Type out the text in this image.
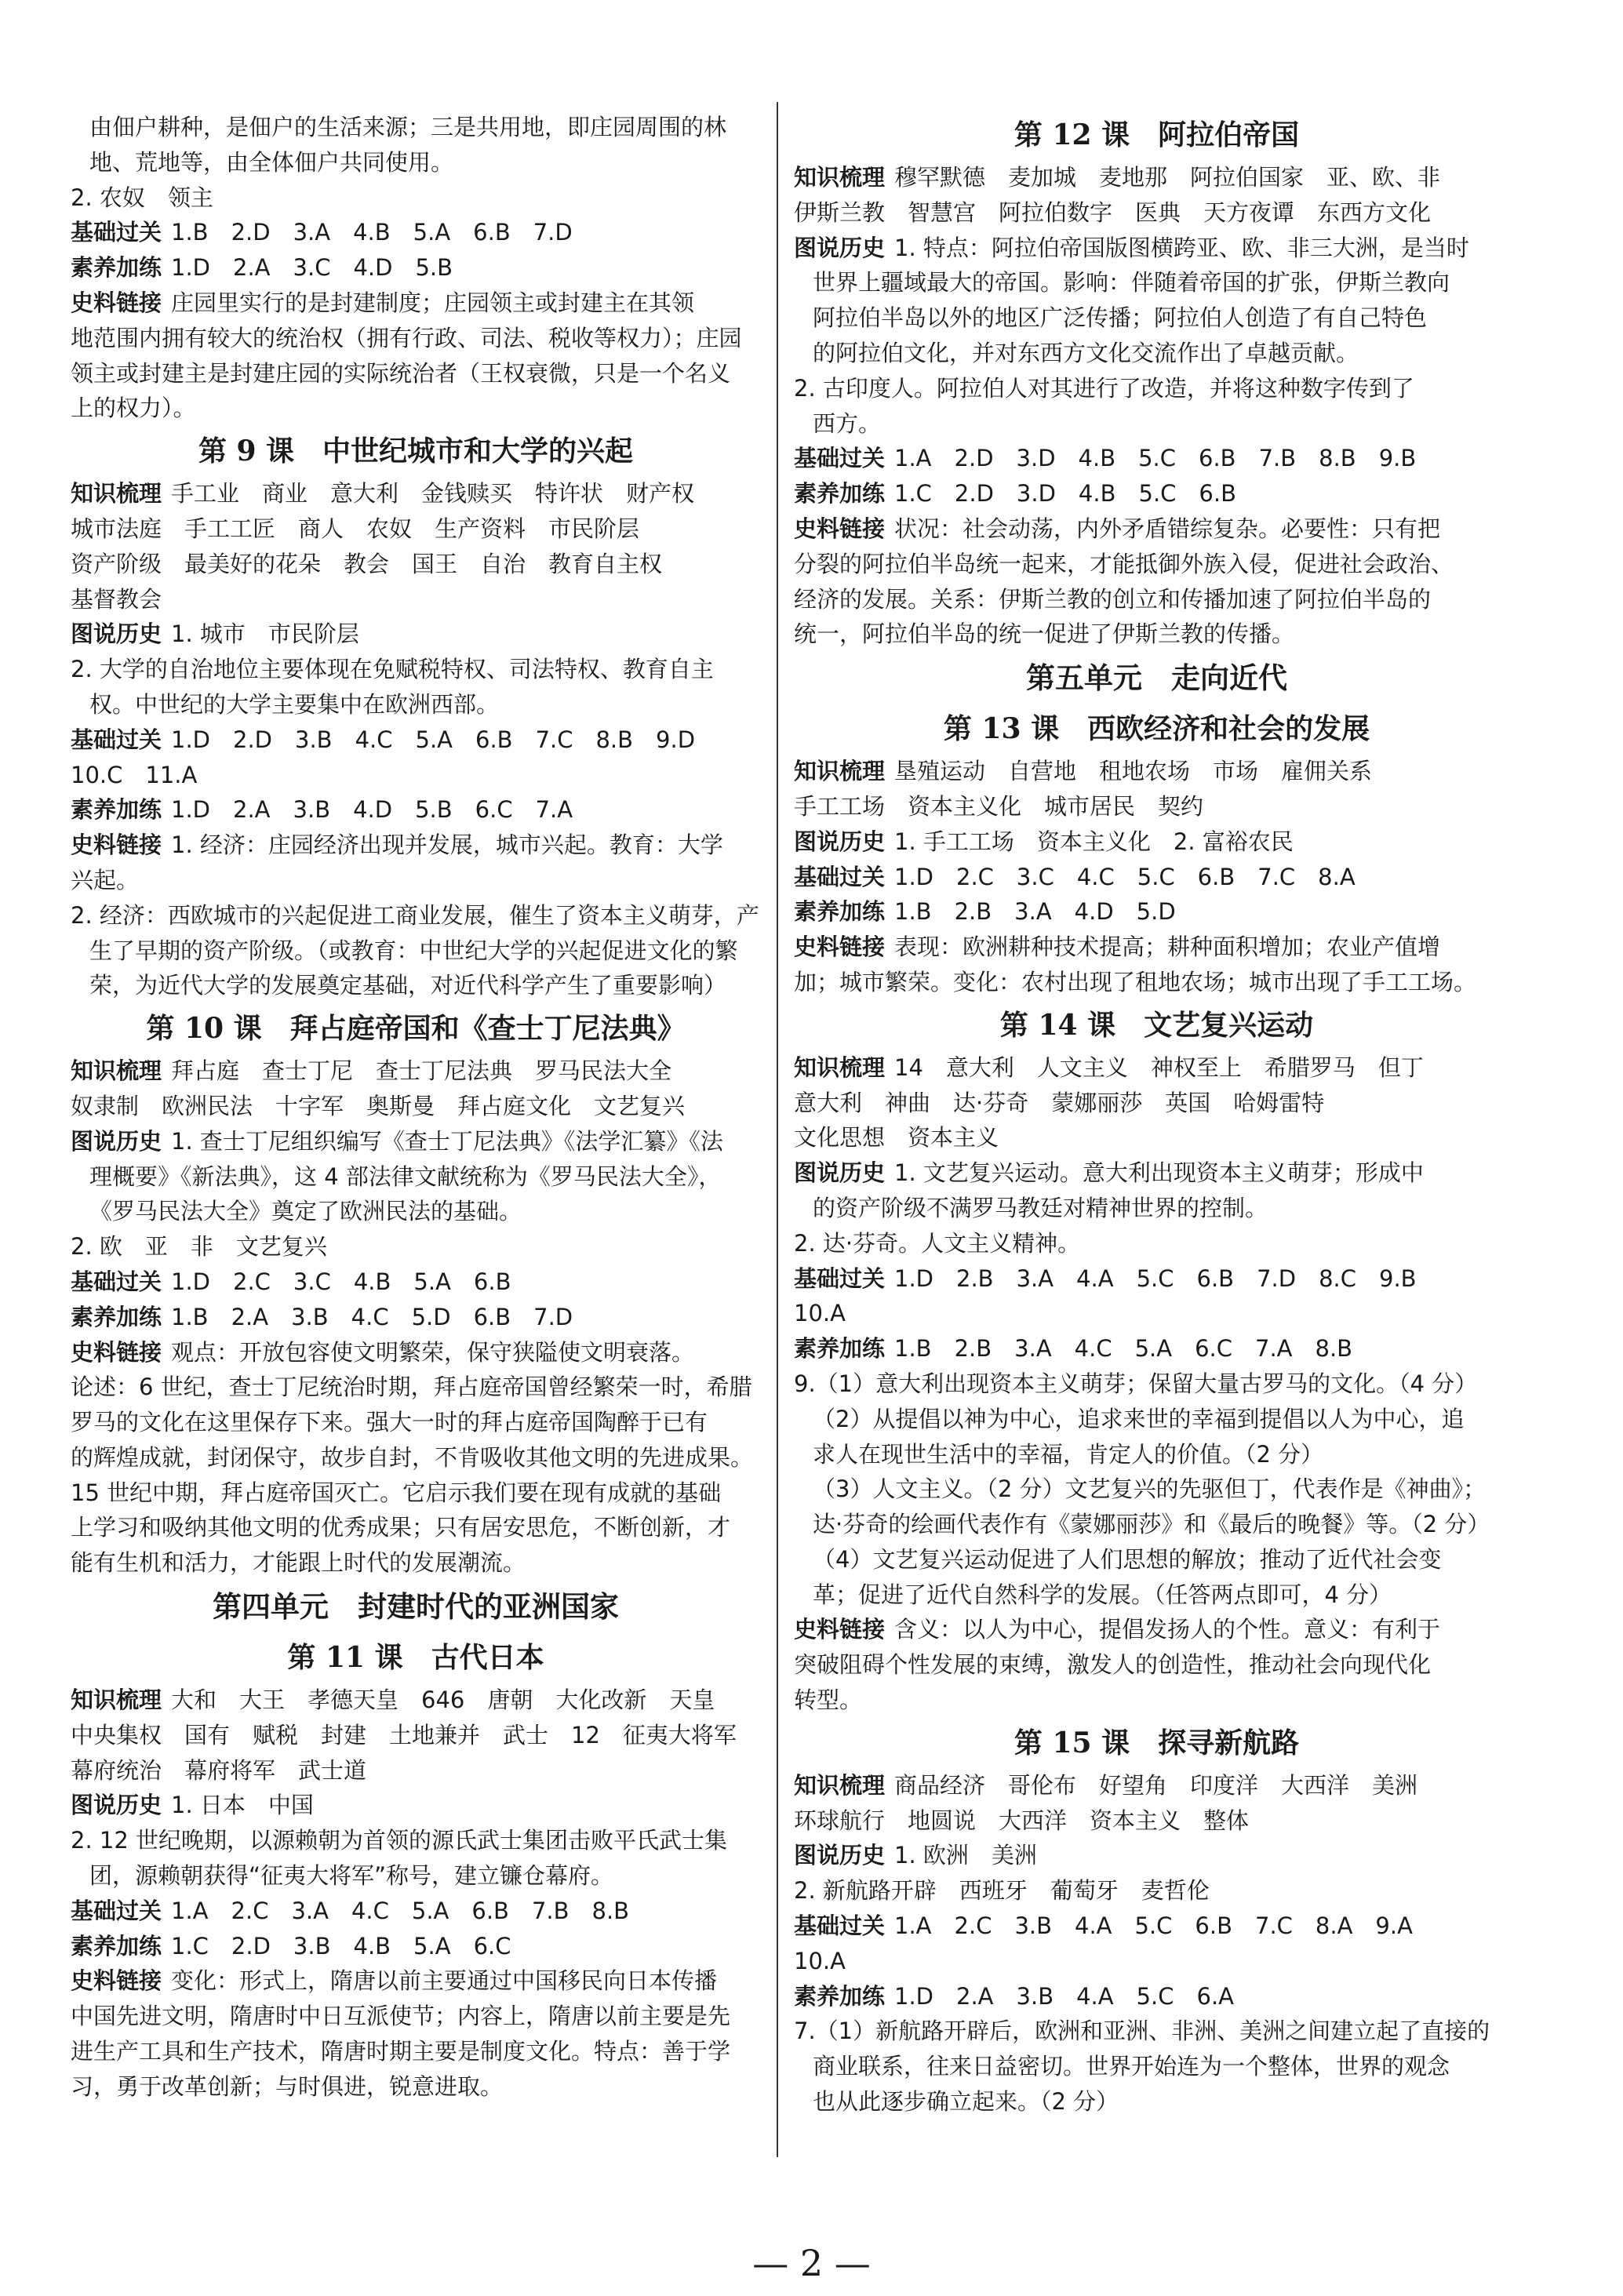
由佃户耕种，是佃户的生活来源；三是共用地，即庄园周围的林
地、荒地等，由全体佃户共同使用。
2. 农奴　领主
基础过关 1.B　2.D　3.A　4.B　5.A　6.B　7.D
素养加练 1.D　2.A　3.C　4.D　5.B
史料链接 庄园里实行的是封建制度；庄园领主或封建主在其领
地范围内拥有较大的统治权（拥有行政、司法、税收等权力）；庄园
领主或封建主是封建庄园的实际统治者（王权衰微，只是一个名义
上的权力）。
第 9 课　中世纪城市和大学的兴起
知识梳理 手工业　商业　意大利　金钱赎买　特许状　财产权
城市法庭　手工工匠　商人　农奴　生产资料　市民阶层
资产阶级　最美好的花朵　教会　国王　自治　教育自主权
基督教会
图说历史 1. 城市　市民阶层
2. 大学的自治地位主要体现在免赋税特权、司法特权、教育自主
权。中世纪的大学主要集中在欧洲西部。
基础过关 1.D　2.D　3.B　4.C　5.A　6.B　7.C　8.B　9.D
10.C　11.A
素养加练 1.D　2.A　3.B　4.D　5.B　6.C　7.A
史料链接 1. 经济：庄园经济出现并发展，城市兴起。教育：大学
兴起。
2. 经济：西欧城市的兴起促进工商业发展，催生了资本主义萌芽，产
生了早期的资产阶级。（或教育：中世纪大学的兴起促进文化的繁
荣，为近代大学的发展奠定基础，对近代科学产生了重要影响）
第 10 课　拜占庭帝国和《查士丁尼法典》
知识梳理 拜占庭　查士丁尼　查士丁尼法典　罗马民法大全
奴隶制　欧洲民法　十字军　奥斯曼　拜占庭文化　文艺复兴
图说历史 1. 查士丁尼组织编写《查士丁尼法典》《法学汇纂》《法
理概要》《新法典》，这 4 部法律文献统称为《罗马民法大全》，
《罗马民法大全》奠定了欧洲民法的基础。
2. 欧　亚　非　文艺复兴
基础过关 1.D　2.C　3.C　4.B　5.A　6.B
素养加练 1.B　2.A　3.B　4.C　5.D　6.B　7.D
史料链接 观点：开放包容使文明繁荣，保守狭隘使文明衰落。
论述：6 世纪，查士丁尼统治时期，拜占庭帝国曾经繁荣一时，希腊
罗马的文化在这里保存下来。强大一时的拜占庭帝国陶醉于已有
的辉煌成就，封闭保守，故步自封，不肯吸收其他文明的先进成果。
15 世纪中期，拜占庭帝国灭亡。它启示我们要在现有成就的基础
上学习和吸纳其他文明的优秀成果；只有居安思危，不断创新，才
能有生机和活力，才能跟上时代的发展潮流。
第四单元　封建时代的亚洲国家
第 11 课　古代日本
知识梳理 大和　大王　孝德天皇　646　唐朝　大化改新　天皇
中央集权　国有　赋税　封建　土地兼并　武士　12　征夷大将军
幕府统治　幕府将军　武士道
图说历史 1. 日本　中国
2. 12 世纪晚期，以源赖朝为首领的源氏武士集团击败平氏武士集
团，源赖朝获得“征夷大将军”称号，建立镰仓幕府。
基础过关 1.A　2.C　3.A　4.C　5.A　6.B　7.B　8.B
素养加练 1.C　2.D　3.B　4.B　5.A　6.C
史料链接 变化：形式上，隋唐以前主要通过中国移民向日本传播
中国先进文明，隋唐时中日互派使节；内容上，隋唐以前主要是先
进生产工具和生产技术，隋唐时期主要是制度文化。特点：善于学
习，勇于改革创新；与时俱进，锐意进取。
第 12 课　阿拉伯帝国
知识梳理 穆罕默德　麦加城　麦地那　阿拉伯国家　亚、欧、非
伊斯兰教　智慧宫　阿拉伯数字　医典　天方夜谭　东西方文化
图说历史 1. 特点：阿拉伯帝国版图横跨亚、欧、非三大洲，是当时
世界上疆域最大的帝国。影响：伴随着帝国的扩张，伊斯兰教向
阿拉伯半岛以外的地区广泛传播；阿拉伯人创造了有自己特色
的阿拉伯文化，并对东西方文化交流作出了卓越贡献。
2. 古印度人。阿拉伯人对其进行了改造，并将这种数字传到了
西方。
基础过关 1.A　2.D　3.D　4.B　5.C　6.B　7.B　8.B　9.B
素养加练 1.C　2.D　3.D　4.B　5.C　6.B
史料链接 状况：社会动荡，内外矛盾错综复杂。必要性：只有把
分裂的阿拉伯半岛统一起来，才能抵御外族入侵，促进社会政治、
经济的发展。关系：伊斯兰教的创立和传播加速了阿拉伯半岛的
统一，阿拉伯半岛的统一促进了伊斯兰教的传播。
第五单元　走向近代
第 13 课　西欧经济和社会的发展
知识梳理 垦殖运动　自营地　租地农场　市场　雇佣关系
手工工场　资本主义化　城市居民　契约
图说历史 1. 手工工场　资本主义化　2. 富裕农民
基础过关 1.D　2.C　3.C　4.C　5.C　6.B　7.C　8.A
素养加练 1.B　2.B　3.A　4.D　5.D
史料链接 表现：欧洲耕种技术提高；耕种面积增加；农业产值增
加；城市繁荣。变化：农村出现了租地农场；城市出现了手工工场。
第 14 课　文艺复兴运动
知识梳理 14　意大利　人文主义　神权至上　希腊罗马　但丁
意大利　神曲　达·芬奇　蒙娜丽莎　英国　哈姆雷特
文化思想　资本主义
图说历史 1. 文艺复兴运动。意大利出现资本主义萌芽；形成中
的资产阶级不满罗马教廷对精神世界的控制。
2. 达·芬奇。人文主义精神。
基础过关 1.D　2.B　3.A　4.A　5.C　6.B　7.D　8.C　9.B
10.A
素养加练 1.B　2.B　3.A　4.C　5.A　6.C　7.A　8.B
9.（1）意大利出现资本主义萌芽；保留大量古罗马的文化。（4 分）
（2）从提倡以神为中心，追求来世的幸福到提倡以人为中心，追
求人在现世生活中的幸福，肯定人的价值。（2 分）
（3）人文主义。（2 分）文艺复兴的先驱但丁，代表作是《神曲》；
达·芬奇的绘画代表作有《蒙娜丽莎》和《最后的晚餐》等。（2 分）
（4）文艺复兴运动促进了人们思想的解放；推动了近代社会变
革；促进了近代自然科学的发展。（任答两点即可，4 分）
史料链接 含义：以人为中心，提倡发扬人的个性。意义：有利于
突破阻碍个性发展的束缚，激发人的创造性，推动社会向现代化
转型。
第 15 课　探寻新航路
知识梳理 商品经济　哥伦布　好望角　印度洋　大西洋　美洲
环球航行　地圆说　大西洋　资本主义　整体
图说历史 1. 欧洲　美洲
2. 新航路开辟　西班牙　葡萄牙　麦哲伦
基础过关 1.A　2.C　3.B　4.A　5.C　6.B　7.C　8.A　9.A
10.A
素养加练 1.D　2.A　3.B　4.A　5.C　6.A
7.（1）新航路开辟后，欧洲和亚洲、非洲、美洲之间建立起了直接的
商业联系，往来日益密切。世界开始连为一个整体，世界的观念
也从此逐步确立起来。（2 分）
— 2 —
